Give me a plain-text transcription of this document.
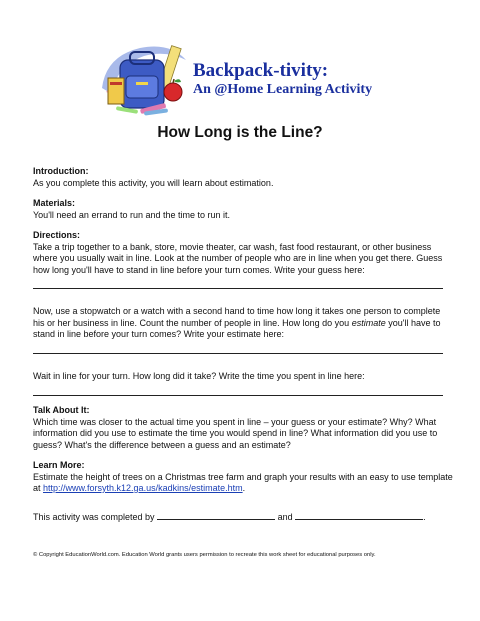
Backpack-tivity:
An @Home Learning Activity
How Long is the Line?

Introduction:

As you complete this activity, you will learn about estimation.

Materials:

You'll need an errand to run and the time to run it.

Directions:

Take a trip together to a bank, store, movie theater, car wash, fast food restaurant, or other business where you usually wait in line. Look at the number of people who are in line when you get there. Guess how long you'll have to stand in line before your turn comes. Write your guess here:

Now, use a stopwatch or a watch with a second hand to time how long it takes one person to complete his or her business in line. Count the number of people in line. How long do you estimate you'll have to stand in line before your turn comes? Write your estimate here:

Wait in line for your turn. How long did it take? Write the time you spent in line here:

Talk About It:

Which time was closer to the actual time you spent in line – your guess or your estimate? Why? What information did you use to estimate the time you would spend in line? What information did you use to guess? What's the difference between a guess and an estimate?

Learn More:

Estimate the height of trees on a Christmas tree farm and graph your results with an easy to use template at http://www.forsyth.k12.ga.us/kadkins/estimate.htm.

This activity was completed by	and	.

© Copyright EducationWorld.com. Education World grants users permission to recreate this work sheet for educational purposes only.
